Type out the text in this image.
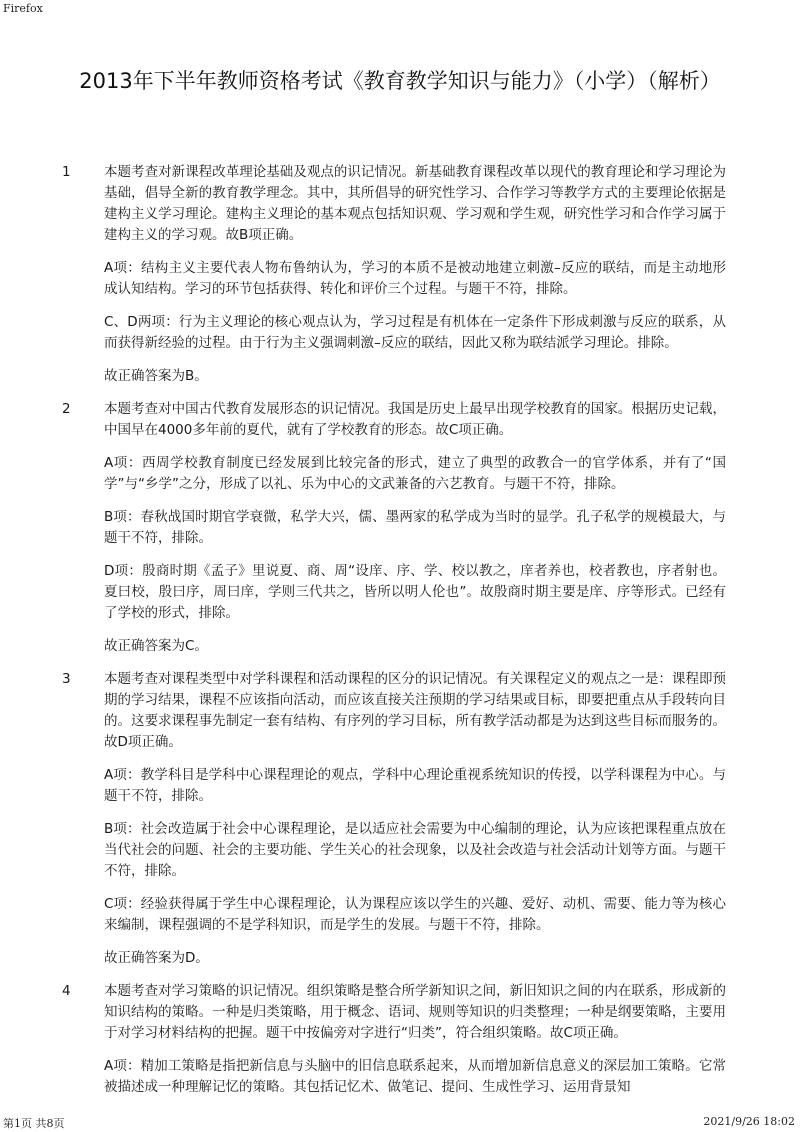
Firefox
2013年下半年教师资格考试《教育教学知识与能力》（小学）（解析）
1 本题考查对新课程改革理论基础及观点的识记情况。新基础教育课程改革以现代的教育理论和学习理论为基础，倡导全新的教育教学理念。其中，其所倡导的研究性学习、合作学习等教学方式的主要理论依据是建构主义学习理论。建构主义理论的基本观点包括知识观、学习观和学生观，研究性学习和合作学习属于建构主义的学习观。故B项正确。

A项：结构主义主要代表人物布鲁纳认为，学习的本质不是被动地建立刺激–反应的联结，而是主动地形成认知结构。学习的环节包括获得、转化和评价三个过程。与题干不符，排除。

C、D两项：行为主义理论的核心观点认为，学习过程是有机体在一定条件下形成刺激与反应的联系，从而获得新经验的过程。由于行为主义强调刺激–反应的联结，因此又称为联结派学习理论。排除。

故正确答案为B。

2 本题考查对中国古代教育发展形态的识记情况。我国是历史上最早出现学校教育的国家。根据历史记载，中国早在4000多年前的夏代，就有了学校教育的形态。故C项正确。

A项：西周学校教育制度已经发展到比较完备的形式，建立了典型的政教合一的官学体系，并有了“国学”与“乡学”之分，形成了以礼、乐为中心的文武兼备的六艺教育。与题干不符，排除。

B项：春秋战国时期官学衰微，私学大兴，儒、墨两家的私学成为当时的显学。孔子私学的规模最大，与题干不符，排除。

D项：殷商时期《孟子》里说夏、商、周“设庠、序、学、校以教之，庠者养也，校者教也，序者射也。夏曰校，殷曰序，周曰庠，学则三代共之，皆所以明人伦也”。故殷商时期主要是庠、序等形式。已经有了学校的形式，排除。

故正确答案为C。

3 本题考查对课程类型中对学科课程和活动课程的区分的识记情况。有关课程定义的观点之一是：课程即预期的学习结果，课程不应该指向活动，而应该直接关注预期的学习结果或目标，即要把重点从手段转向目的。这要求课程事先制定一套有结构、有序列的学习目标，所有教学活动都是为达到这些目标而服务的。故D项正确。

A项：教学科目是学科中心课程理论的观点，学科中心理论重视系统知识的传授，以学科课程为中心。与题干不符，排除。

B项：社会改造属于社会中心课程理论，是以适应社会需要为中心编制的理论，认为应该把课程重点放在当代社会的问题、社会的主要功能、学生关心的社会现象，以及社会改造与社会活动计划等方面。与题干不符，排除。

C项：经验获得属于学生中心课程理论，认为课程应该以学生的兴趣、爱好、动机、需要、能力等为核心来编制，课程强调的不是学科知识，而是学生的发展。与题干不符，排除。

故正确答案为D。

4 本题考查对学习策略的识记情况。组织策略是整合所学新知识之间，新旧知识之间的内在联系，形成新的知识结构的策略。一种是归类策略，用于概念、语词、规则等知识的归类整理；一种是纲要策略，主要用于对学习材料结构的把握。题干中按偏旁对字进行“归类”，符合组织策略。故C项正确。

A项：精加工策略是指把新信息与头脑中的旧信息联系起来，从而增加新信息意义的深层加工策略。它常被描述成一种理解记忆的策略。其包括记忆术、做笔记、提问、生成性学习、运用背景知

第1页 共8页	2021/9/26 18:02
